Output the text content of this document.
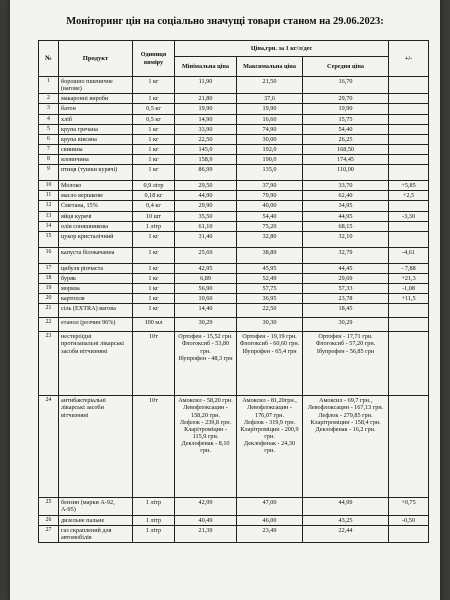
Моніторинг цін на соціально значущі товари станом на 29.06.2023:
№	Продукт	Одиниця виміру	Ціна,грн. за 1 кг/л/дес			+/-
			Мінімальна ціна	Максимальна ціна	Середня ціна	
1	борошно пшеничне (вагове)	1 кг	11,90	21,50	16,70	
2	макаронні вироби	1 кг	21,80	37,6	29,70	
3	батон	0,5 кг	19,90	19,90	19,90	
4	хліб	0,5 кг	14,90	16,60	15,75	
5	крупа гречана	1 кг	33,90	74,90	54,40	
6	крупа вівсяна	1 кг	22,50	30,00	26,25	
7	свинина	1 кг	145,0	192,0	168,50	
8	яловичина	1 кг	158,9	190,0	174,45	
9	птиця (тушки курячі)	1 кг	86,99	135,0	110,00	
10	Молоко	0,9 літр	29,50	37,90	33,70	+5,85
11	масло вершкове	0,18 кг	44,90	79,90	62,40	+2,5
12	Сметана, 15%	0,4 кг	29,90	40,00	34,95	
13	яйця курячі	10 шт	35,50	54,40	44,95	-3,30
14	олія соняшникова	1 літр	61,10	75,20	68,15	
15	цукор кристалічний	1 кг	31,40	32,80	32,10	
16	капуста білокачанна	1 кг	25,69	38,89	32,79	-4,61
17	цибуля ріпчаста	1 кг	42,95	45,95	44,45	- 7,88
18	буряк	1 кг	6,89	52,49	29,69	+21,3
19	морква	1 кг	56,90	57,75	57,33	-1,08
20	картопля	1 кг	10,60	36,95	23,78	+11,5
21	сіль (EXTRA) вагова	1 кг	14,40	22,50	18,45	
22	етанол (розчин 96%)	100 мл	30,29	30,30	30,29	
23	нестероїдні протизапальні лікарські засоби вітчизняні	10т	Ортофен - 15,52 грн.
Флогоксиб - 53,80 грн.
Ібупрофен - 48,3 грн	Ортофен - 19,19 грн.
Флогоксиб - 60,60 грн.
Ібупрофен - 65,4 грн	Ортофен - 17,71 грн.
Флогоксиб - 57,20 грн.
Ібупрофен - 56,85 грн	
24	антибактеріальні лікарські засоби вітчизняні	10т	Амоксил - 58,20 грн.
Левофлоксацин - 158,20 грн.
Лефлок - 239,8 грн.
Кларітроміцин - 115,9 грн.
Деклофенак - 8,10 грн.	Амоксил - 81,20грн.,
Левофлоксацин - 176,07 грн.
Лефлок - 319,9 грн.
Кларітроміцин - 200,9 грн.
Деклофенак - 24,30 грн.	Амоксил - 69,7 грн.,
Левофлоксацин - 167,13 грн.
Лефлок - 279,85 грн.
Кларітроміцин - 158,4 грн.
Деклофенак - 16,2 грн.	
25	бензин (марки А-92, А-95)	1 літр	42,99	47,00	44,99	+0,75
26	дизельне пальне	1 літр	40,49	46,00	43,25	-0,50
27	газ скраплений для автомобілів	1 літр	21,39	23,49	22,44	
